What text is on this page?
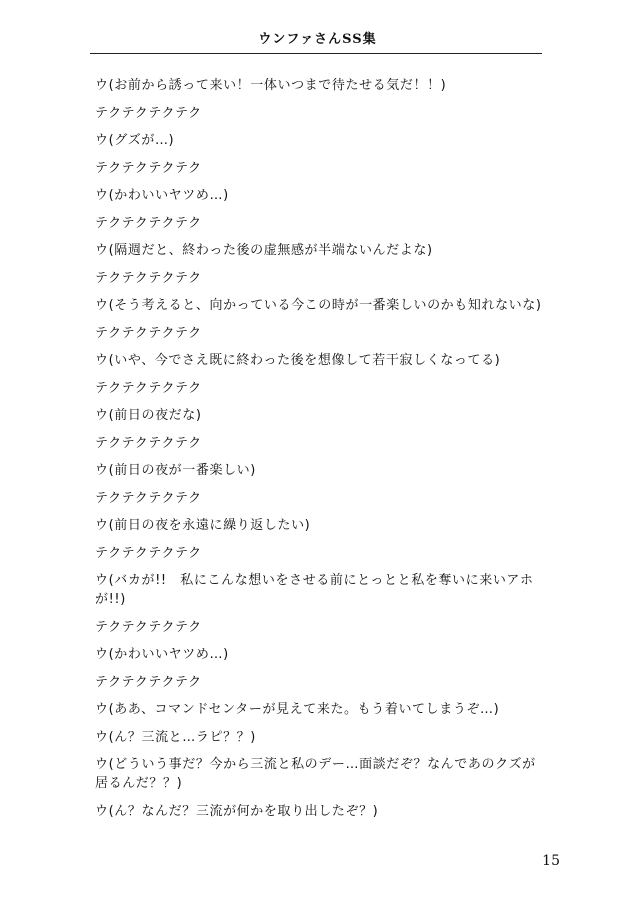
ウンファさんSS集
ウ(お前から誘って来い！一体いつまで待たせる気だ！！)
テクテクテクテク
ウ(グズが…)
テクテクテクテク
ウ(かわいいヤツめ…)
テクテクテクテク
ウ(隔週だと、終わった後の虚無感が半端ないんだよな)
テクテクテクテク
ウ(そう考えると、向かっている今この時が一番楽しいのかも知れないな)
テクテクテクテク
ウ(いや、今でさえ既に終わった後を想像して若干寂しくなってる)
テクテクテクテク
ウ(前日の夜だな)
テクテクテクテク
ウ(前日の夜が一番楽しい)
テクテクテクテク
ウ(前日の夜を永遠に繰り返したい)
テクテクテクテク
ウ(バカが!!　私にこんな想いをさせる前にとっとと私を奪いに来いアホが!!)
テクテクテクテク
ウ(かわいいヤツめ…)
テクテクテクテク
ウ(ああ、コマンドセンターが見えて来た。もう着いてしまうぞ…)
ウ(ん？三流と…ラピ？？)
ウ(どういう事だ？今から三流と私のデー…面談だぞ？なんであのクズが居るんだ？？)
ウ(ん？なんだ？三流が何かを取り出したぞ？)
15
